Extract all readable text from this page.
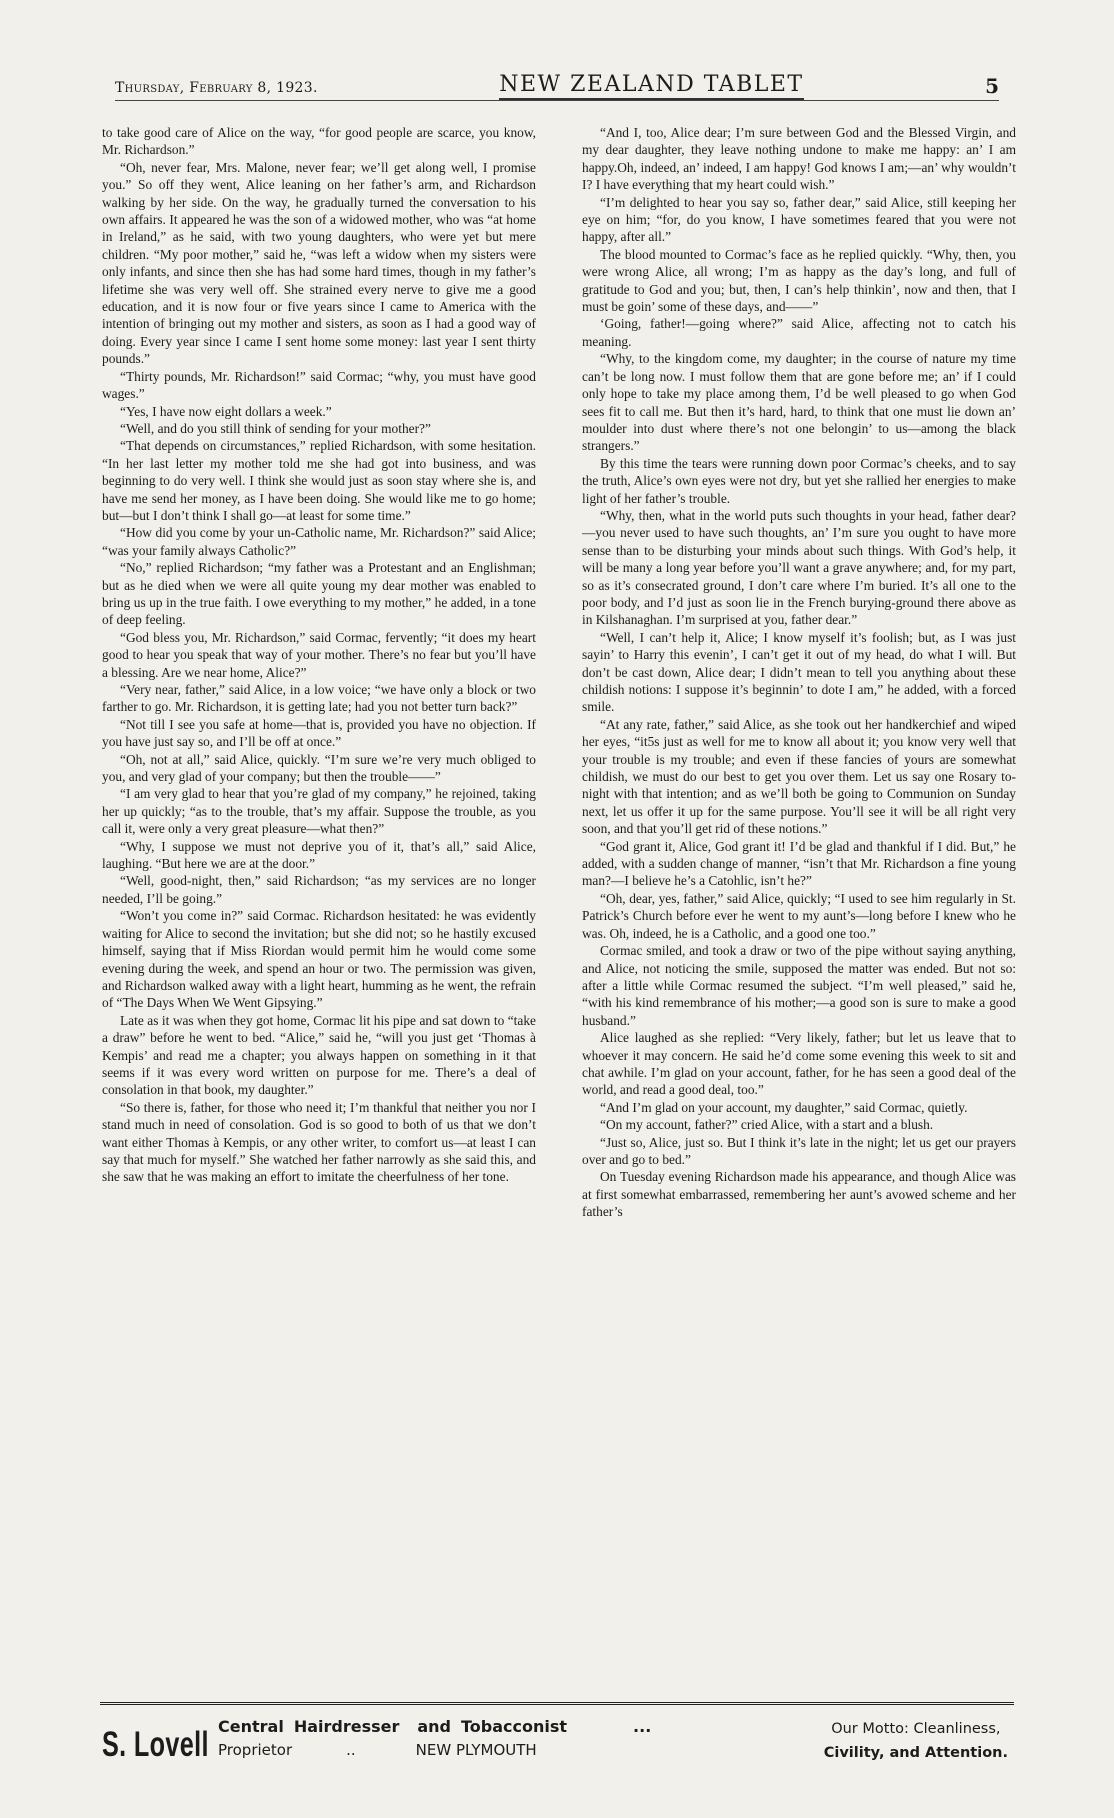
Thursday, February 8, 1923.	NEW ZEALAND TABLET	5

to take good care of Alice on the way, “for good people are scarce, you know, Mr. Richardson.”

“Oh, never fear, Mrs. Malone, never fear; we’ll get along well, I promise you.” So off they went, Alice leaning on her father’s arm, and Richardson walking by her side. On the way, he gradually turned the conversation to his own affairs. It appeared he was the son of a widowed mother, who was “at home in Ireland,” as he said, with two young daughters, who were yet but mere children. “My poor mother,” said he, “was left a widow when my sisters were only infants, and since then she has had some hard times, though in my father’s lifetime she was very well off. She strained every nerve to give me a good education, and it is now four or five years since I came to America with the intention of bringing out my mother and sisters, as soon as I had a good way of doing. Every year since I came I sent home some money: last year I sent thirty pounds.”

“Thirty pounds, Mr. Richardson!” said Cormac; “why, you must have good wages.”

“Yes, I have now eight dollars a week.”

“Well, and do you still think of sending for your mother?”

“That depends on circumstances,” replied Richardson, with some hesitation. “In her last letter my mother told me she had got into business, and was beginning to do very well. I think she would just as soon stay where she is, and have me send her money, as I have been doing. She would like me to go home; but—but I don’t think I shall go—at least for some time.”

“How did you come by your un-Catholic name, Mr. Richardson?” said Alice; “was your family always Catholic?”

“No,” replied Richardson; “my father was a Protestant and an Englishman; but as he died when we were all quite young my dear mother was enabled to bring us up in the true faith. I owe everything to my mother,” he added, in a tone of deep feeling.

“God bless you, Mr. Richardson,” said Cormac, fervently; “it does my heart good to hear you speak that way of your mother. There’s no fear but you’ll have a blessing. Are we near home, Alice?”

“Very near, father,” said Alice, in a low voice; “we have only a block or two farther to go. Mr. Richardson, it is getting late; had you not better turn back?”

“Not till I see you safe at home—that is, provided you have no objection. If you have just say so, and I’ll be off at once.”

“Oh, not at all,” said Alice, quickly. “I’m sure we’re very much obliged to you, and very glad of your company; but then the trouble——”

“I am very glad to hear that you’re glad of my company,” he rejoined, taking her up quickly; “as to the trouble, that’s my affair. Suppose the trouble, as you call it, were only a very great pleasure—what then?”

“Why, I suppose we must not deprive you of it, that’s all,” said Alice, laughing. “But here we are at the door.”

“Well, good-night, then,” said Richardson; “as my services are no longer needed, I’ll be going.”

“Won’t you come in?” said Cormac. Richardson hesitated: he was evidently waiting for Alice to second the invitation; but she did not; so he hastily excused himself, saying that if Miss Riordan would permit him he would come some evening during the week, and spend an hour or two. The permission was given, and Richardson walked away with a light heart, humming as he went, the refrain of “The Days When We Went Gipsying.”

Late as it was when they got home, Cormac lit his pipe and sat down to “take a draw” before he went to bed. “Alice,” said he, “will you just get ‘Thomas à Kempis’ and read me a chapter; you always happen on something in it that seems if it was every word written on purpose for me. There’s a deal of consolation in that book, my daughter.”

“So there is, father, for those who need it; I’m thankful that neither you nor I stand much in need of consolation. God is so good to both of us that we don’t want either Thomas à Kempis, or any other writer, to comfort us—at least I can say that much for myself.” She watched her father narrowly as she said this, and she saw that he was making an effort to imitate the cheerfulness of her tone.

“And I, too, Alice dear; I’m sure between God and the Blessed Virgin, and my dear daughter, they leave nothing undone to make me happy: an’ I am happy.Oh, indeed, an’ indeed, I am happy! God knows I am;—an’ why wouldn’t I? I have everything that my heart could wish.”

“I’m delighted to hear you say so, father dear,” said Alice, still keeping her eye on him; “for, do you know, I have sometimes feared that you were not happy, after all.”

The blood mounted to Cormac’s face as he replied quickly. “Why, then, you were wrong Alice, all wrong; I’m as happy as the day’s long, and full of gratitude to God and you; but, then, I can’s help thinkin’, now and then, that I must be goin’ some of these days, and——”

‘Going, father!—going where?” said Alice, affecting not to catch his meaning.

“Why, to the kingdom come, my daughter; in the course of nature my time can’t be long now. I must follow them that are gone before me; an’ if I could only hope to take my place among them, I’d be well pleased to go when God sees fit to call me. But then it’s hard, hard, to think that one must lie down an’ moulder into dust where there’s not one belongin’ to us—among the black strangers.”

By this time the tears were running down poor Cormac’s cheeks, and to say the truth, Alice’s own eyes were not dry, but yet she rallied her energies to make light of her father’s trouble.

“Why, then, what in the world puts such thoughts in your head, father dear?—you never used to have such thoughts, an’ I’m sure you ought to have more sense than to be disturbing your minds about such things. With God’s help, it will be many a long year before you’ll want a grave anywhere; and, for my part, so as it’s consecrated ground, I don’t care where I’m buried. It’s all one to the poor body, and I’d just as soon lie in the French burying-ground there above as in Kilshanaghan. I’m surprised at you, father dear.”

“Well, I can’t help it, Alice; I know myself it’s foolish; but, as I was just sayin’ to Harry this evenin’, I can’t get it out of my head, do what I will. But don’t be cast down, Alice dear; I didn’t mean to tell you anything about these childish notions: I suppose it’s beginnin’ to dote I am,” he added, with a forced smile.

“At any rate, father,” said Alice, as she took out her handkerchief and wiped her eyes, “it5s just as well for me to know all about it; you know very well that your trouble is my trouble; and even if these fancies of yours are somewhat childish, we must do our best to get you over them. Let us say one Rosary to-night with that intention; and as we’ll both be going to Communion on Sunday next, let us offer it up for the same purpose. You’ll see it will be all right very soon, and that you’ll get rid of these notions.”

“God grant it, Alice, God grant it! I’d be glad and thankful if I did. But,” he added, with a sudden change of manner, “isn’t that Mr. Richardson a fine young man?—I believe he’s a Catohlic, isn’t he?”

“Oh, dear, yes, father,” said Alice, quickly; “I used to see him regularly in St. Patrick’s Church before ever he went to my aunt’s—long before I knew who he was. Oh, indeed, he is a Catholic, and a good one too.”

Cormac smiled, and took a draw or two of the pipe without saying anything, and Alice, not noticing the smile, supposed the matter was ended. But not so: after a little while Cormac resumed the subject. “I’m well pleased,” said he, “with his kind remembrance of his mother;—a good son is sure to make a good husband.”

Alice laughed as she replied: “Very likely, father; but let us leave that to whoever it may concern. He said he’d come some evening this week to sit and chat awhile. I’m glad on your account, father, for he has seen a good deal of the world, and read a good deal, too.”

“And I’m glad on your account, my daughter,” said Cormac, quietly.

“On my account, father?” cried Alice, with a start and a blush.

“Just so, Alice, just so. But I think it’s late in the night; let us get our prayers over and go to bed.”

On Tuesday evening Richardson made his appearance, and though Alice was at first somewhat embarrassed, remembering her aunt’s avowed scheme and her father’s

S. Lovell Central Hairdresser and Tobacconist	...
Proprietor	..	NEW PLYMOUTH
Our Motto: Cleanliness,
Civility, and Attention.
